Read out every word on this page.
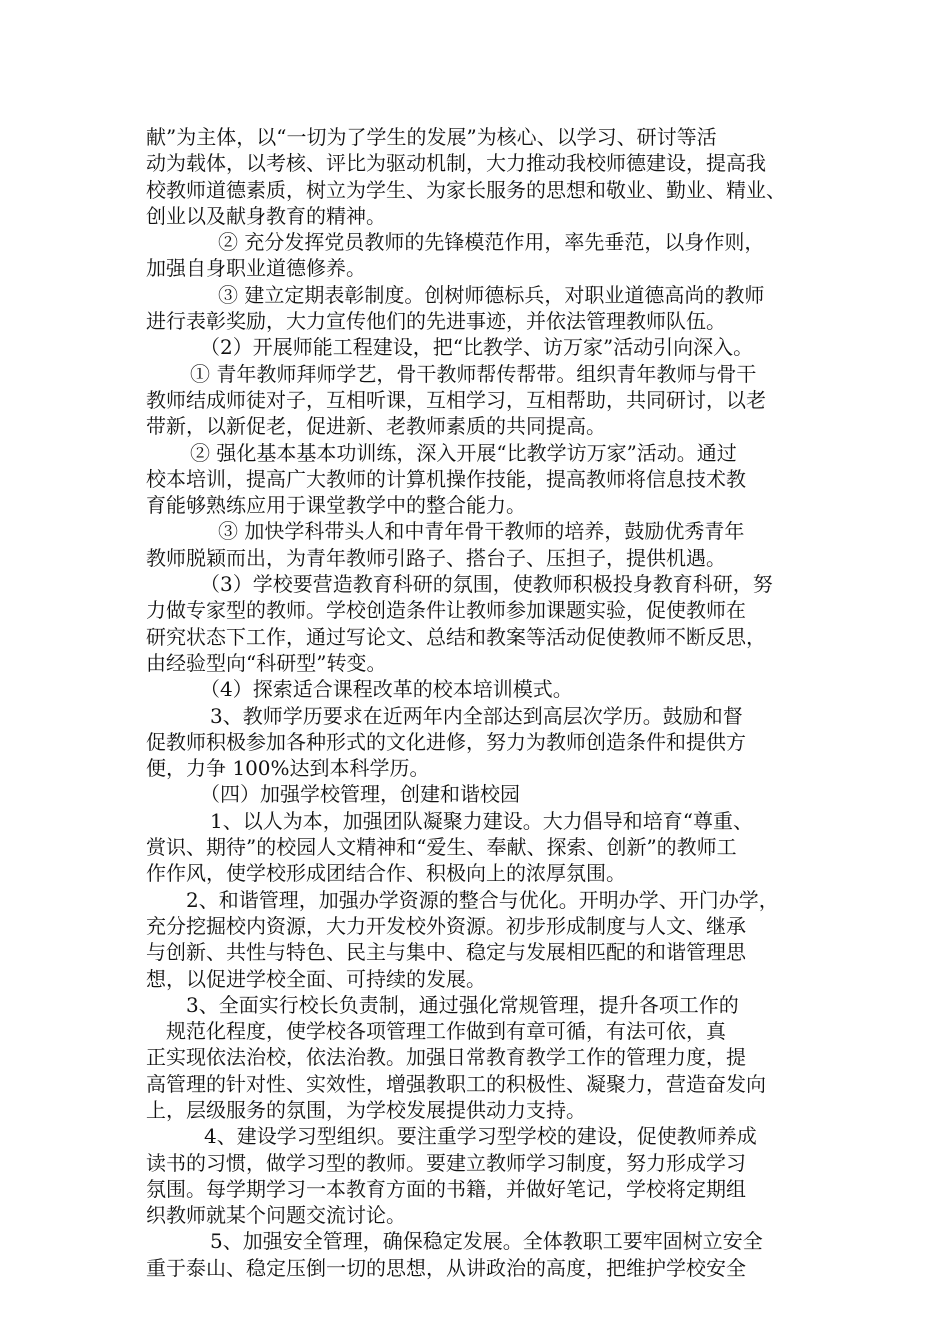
献”为主体，以“一切为了学生的发展”为核心、以学习、研讨等活
动为载体，以考核、评比为驱动机制，大力推动我校师德建设，提高我
校教师道德素质，树立为学生、为家长服务的思想和敬业、勤业、精业、
创业以及献身教育的精神。
② 充分发挥党员教师的先锋模范作用，率先垂范，以身作则，
加强自身职业道德修养。
③ 建立定期表彰制度。创树师德标兵，对职业道德高尚的教师
进行表彰奖励，大力宣传他们的先进事迹，并依法管理教师队伍。
（2）开展师能工程建设，把“比教学、访万家”活动引向深入。
① 青年教师拜师学艺，骨干教师帮传帮带。组织青年教师与骨干
教师结成师徒对子，互相听课，互相学习，互相帮助，共同研讨，以老
带新，以新促老，促进新、老教师素质的共同提高。
② 强化基本基本功训练，深入开展“比教学访万家”活动。通过
校本培训，提高广大教师的计算机操作技能，提高教师将信息技术教
育能够熟练应用于课堂教学中的整合能力。
③ 加快学科带头人和中青年骨干教师的培养，鼓励优秀青年
教师脱颖而出，为青年教师引路子、搭台子、压担子，提供机遇。
（3）学校要营造教育科研的氛围，使教师积极投身教育科研，努
力做专家型的教师。学校创造条件让教师参加课题实验，促使教师在
研究状态下工作，通过写论文、总结和教案等活动促使教师不断反思，
由经验型向“科研型”转变。
（4）探索适合课程改革的校本培训模式。
3、教师学历要求在近两年内全部达到高层次学历。鼓励和督
促教师积极参加各种形式的文化进修，努力为教师创造条件和提供方
便，力争 100%达到本科学历。
（四）加强学校管理，创建和谐校园
1、以人为本，加强团队凝聚力建设。大力倡导和培育“尊重、
赏识、期待”的校园人文精神和“爱生、奉献、探索、创新”的教师工
作作风，使学校形成团结合作、积极向上的浓厚氛围。
2、和谐管理，加强办学资源的整合与优化。开明办学、开门办学，
充分挖掘校内资源，大力开发校外资源。初步形成制度与人文、继承
与创新、共性与特色、民主与集中、稳定与发展相匹配的和谐管理思
想，以促进学校全面、可持续的发展。
3、全面实行校长负责制，通过强化常规管理，提升各项工作的
规范化程度，使学校各项管理工作做到有章可循，有法可依，真
正实现依法治校，依法治教。加强日常教育教学工作的管理力度，提
高管理的针对性、实效性，增强教职工的积极性、凝聚力，营造奋发向
上，层级服务的氛围，为学校发展提供动力支持。
4、建设学习型组织。要注重学习型学校的建设，促使教师养成
读书的习惯，做学习型的教师。要建立教师学习制度，努力形成学习
氛围。每学期学习一本教育方面的书籍，并做好笔记，学校将定期组
织教师就某个问题交流讨论。
5、加强安全管理，确保稳定发展。全体教职工要牢固树立安全
重于泰山、稳定压倒一切的思想，从讲政治的高度，把维护学校安全
